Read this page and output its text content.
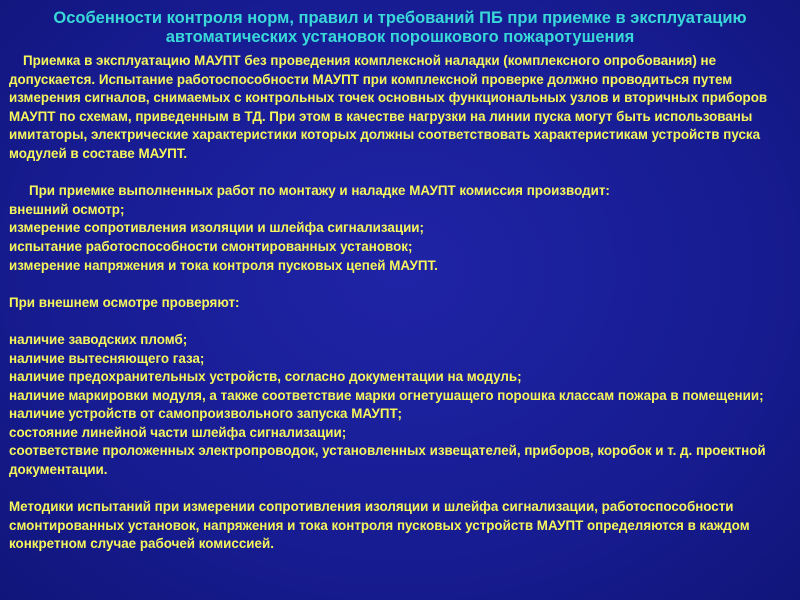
Особенности контроля норм, правил и требований ПБ при приемке в эксплуатацию
автоматических установок порошкового пожаротушения

Приемка в эксплуатацию МАУПТ без проведения комплексной наладки (комплексного опробования) не допускается. Испытание работоспособности МАУПТ при комплексной проверке должно проводиться путем измерения сигналов, снимаемых с контрольных точек основных функциональных узлов и вторичных приборов МАУПТ по схемам, приведенным в ТД. При этом в качестве нагрузки на линии пуска могут быть использованы имитаторы, электрические характеристики которых должны соответствовать характеристикам устройств пуска модулей в составе МАУПТ.

При приемке выполненных работ по монтажу и наладке МАУПТ комиссия производит:

внешний осмотр;

измерение сопротивления изоляции и шлейфа сигнализации;

испытание работоспособности смонтированных установок;

измерение напряжения и тока контроля пусковых цепей МАУПТ.

При внешнем осмотре проверяют:

наличие заводских пломб;

наличие вытесняющего газа;

наличие предохранительных устройств, согласно документации на модуль;

наличие маркировки модуля, а также соответствие марки огнетушащего порошка классам пожара в помещении;

наличие устройств от самопроизвольного запуска МАУПТ;

состояние линейной части шлейфа сигнализации;

соответствие проложенных электропроводок, установленных извещателей, приборов, коробок и т. д. проектной документации.

Методики испытаний при измерении сопротивления изоляции и шлейфа сигнализации, работоспособности смонтированных установок, напряжения и тока контроля пусковых устройств МАУПТ определяются в каждом конкретном случае рабочей комиссией.
